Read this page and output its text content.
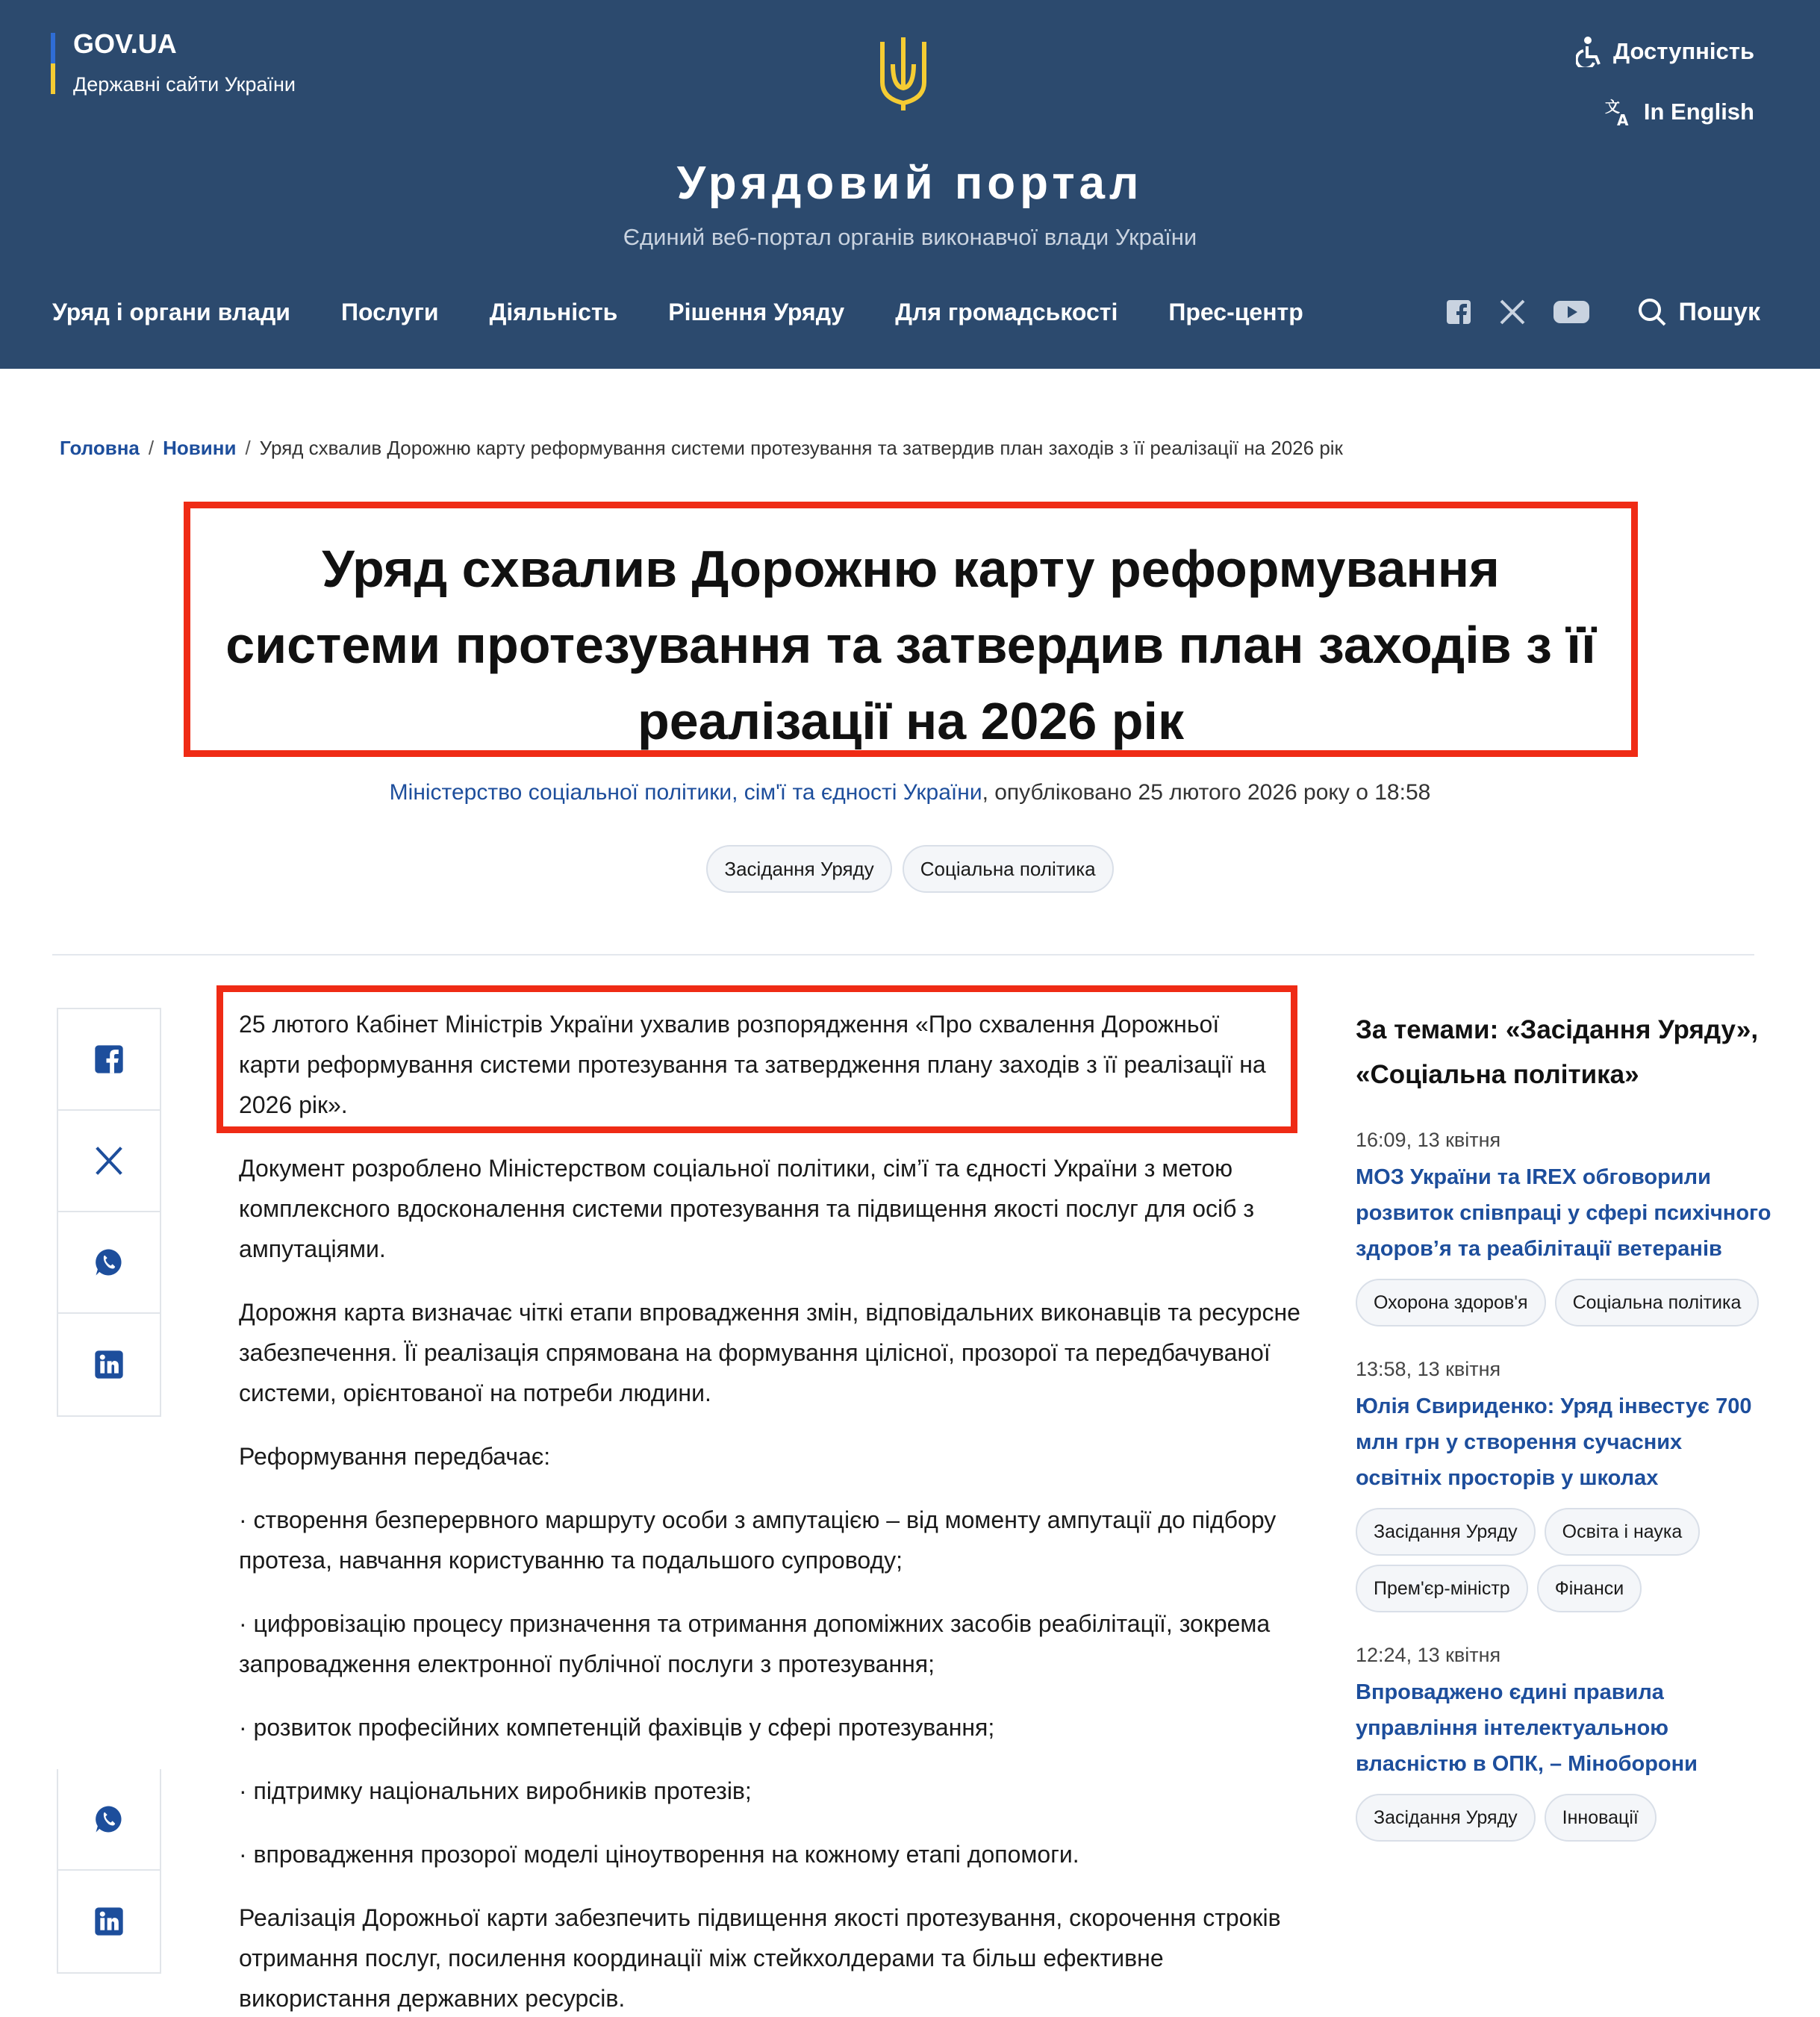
GOV.UA
Державні сайти України
Доступність
文
A In English
Урядовий портал
Єдиний веб-портал органів виконавчої влади України
Уряд і органи влади Послуги Діяльність Рішення Уряду Для громадськості Прес-центр	Пошук
Головна / Новини / Уряд схвалив Дорожню карту реформування системи протезування та затвердив план заходів з її реалізації на 2026 рік
Уряд схвалив Дорожню карту реформування системи протезування та затвердив план заходів з її реалізації на 2026 рік
Міністерство соціальної політики, сім'ї та єдності України, опубліковано 25 лютого 2026 року о 18:58
Засідання Уряду	Соціальна політика

25 лютого Кабінет Міністрів України ухвалив розпорядження «Про схвалення Дорожньої карти реформування системи протезування та затвердження плану заходів з її реалізації на 2026 рік».

Документ розроблено Міністерством соціальної політики, сім’ї та єдності України з метою комплексного вдосконалення системи протезування та підвищення якості послуг для осіб з ампутаціями.

Дорожня карта визначає чіткі етапи впровадження змін, відповідальних виконавців та ресурсне забезпечення. Її реалізація спрямована на формування цілісної, прозорої та передбачуваної системи, орієнтованої на потреби людини.

Реформування передбачає:

· створення безперервного маршруту особи з ампутацією – від моменту ампутації до підбору протеза, навчання користуванню та подальшого супроводу;

· цифровізацію процесу призначення та отримання допоміжних засобів реабілітації, зокрема запровадження електронної публічної послуги з протезування;

· розвиток професійних компетенцій фахівців у сфері протезування;

· підтримку національних виробників протезів;

· впровадження прозорої моделі ціноутворення на кожному етапі допомоги.

Реалізація Дорожньої карти забезпечить підвищення якості протезування, скорочення строків отримання послуг, посилення координації між стейкхолдерами та більш ефективне використання державних ресурсів.

За темами: «Засідання Уряду», «Соціальна політика»
16:09, 13 квітня
МОЗ України та IREX обговорили розвиток співпраці у сфері психічного здоров’я та реабілітації ветеранів
Охорона здоров'я	Соціальна політика
13:58, 13 квітня
Юлія Свириденко: Уряд інвестує 700 млн грн у створення сучасних освітніх просторів у школах
Засідання Уряду	Освіта і наука
Прем'єр-міністр	Фінанси
12:24, 13 квітня
Впроваджено єдині правила управління інтелектуальною власністю в ОПК, – Міноборони
Засідання Уряду	Інновації
